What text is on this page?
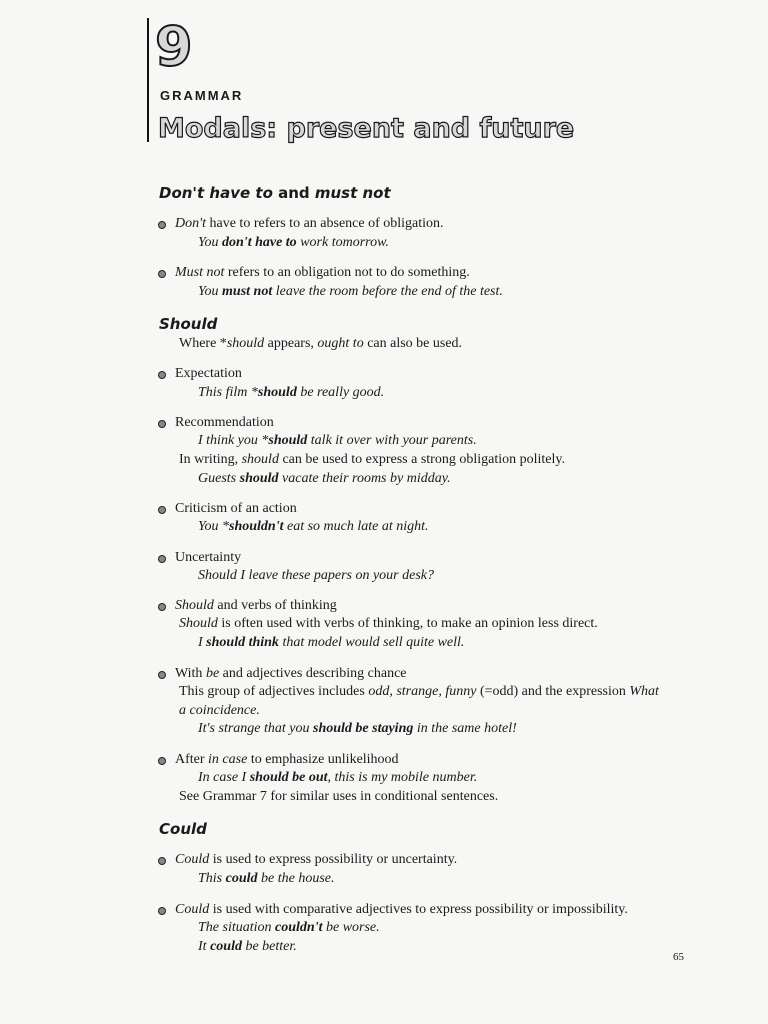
9
GRAMMAR
Modals: present and future
Don't have to and must not
Don't have to refers to an absence of obligation.
You don't have to work tomorrow.
Must not refers to an obligation not to do something.
You must not leave the room before the end of the test.
Should
Where *should appears, ought to can also be used.
Expectation
This film *should be really good.
Recommendation
I think you *should talk it over with your parents.
In writing, should can be used to express a strong obligation politely.
Guests should vacate their rooms by midday.
Criticism of an action
You *shouldn't eat so much late at night.
Uncertainty
Should I leave these papers on your desk?
Should and verbs of thinking
Should is often used with verbs of thinking, to make an opinion less direct.
I should think that model would sell quite well.
With be and adjectives describing chance
This group of adjectives includes odd, strange, funny (=odd) and the expression What
a coincidence.
It's strange that you should be staying in the same hotel!
After in case to emphasize unlikelihood
In case I should be out, this is my mobile number.
See Grammar 7 for similar uses in conditional sentences.
Could
Could is used to express possibility or uncertainty.
This could be the house.
Could is used with comparative adjectives to express possibility or impossibility.
The situation couldn't be worse.
It could be better.
65
